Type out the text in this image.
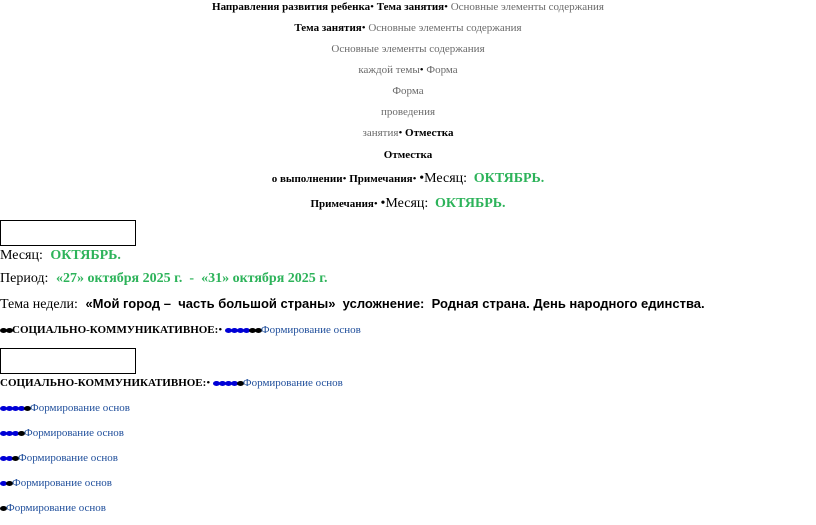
Направления развития ребенка• Тема занятия• Основные элементы содержания
Тема занятия• Основные элементы содержания
Основные элементы содержания
каждой темы• Форма
Форма
проведения
занятия• Отместка
Отместка
о выполнении• Примечания• •Месяц: ОКТЯБРЬ.
Примечания• •Месяц: ОКТЯБРЬ.
Месяц: ОКТЯБРЬ.
Период: «27» октября 2025 г.  -  «31» октября 2025 г.
Тема недели: «Мой город –  часть большой страны»  усложнение:  Родная страна. День народного единства.
СОЦИАЛЬНО-КОММУНИКАТИВНОЕ:•	Формирование основ
СОЦИАЛЬНО-КОММУНИКАТИВНОЕ:•	Формирование основ
Формирование основ
Формирование основ
Формирование основ
Формирование основ
Формирование основ
